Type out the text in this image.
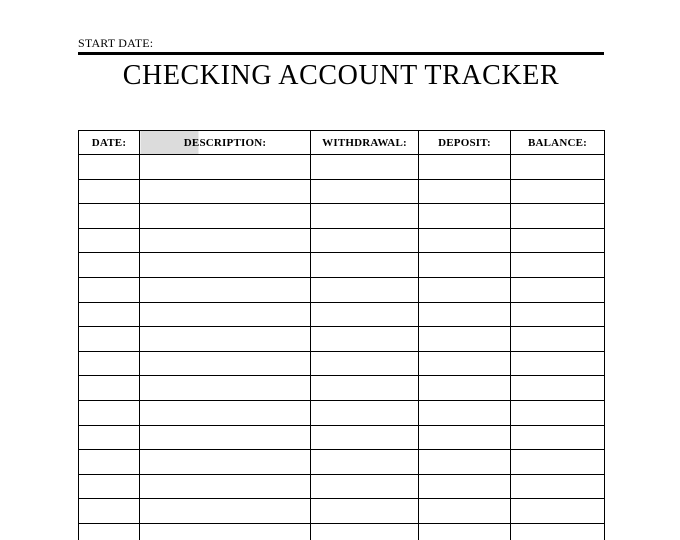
START DATE:
CHECKING ACCOUNT TRACKER
DATE:	DESCRIPTION:	WITHDRAWAL:	DEPOSIT:	BALANCE:
